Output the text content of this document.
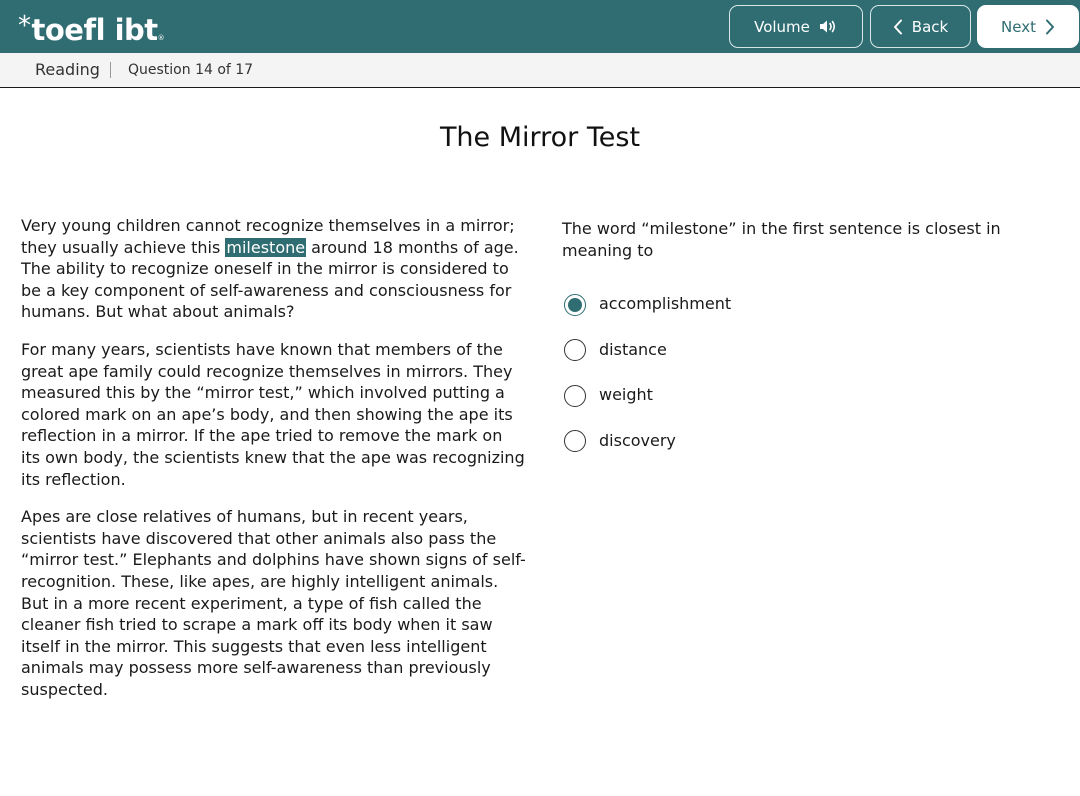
*toefl ibt®
Volume	Back	Next
Reading Question 14 of 17
The Mirror Test

Very young children cannot recognize themselves in a mirror; they usually achieve this milestone around 18 months of age. The ability to recognize oneself in the mirror is considered to be a key component of self-awareness and consciousness for humans. But what about animals?

For many years, scientists have known that members of the great ape family could recognize themselves in mirrors. They measured this by the “mirror test,” which involved putting a colored mark on an ape’s body, and then showing the ape its reflection in a mirror. If the ape tried to remove the mark on its own body, the scientists knew that the ape was recognizing its reflection.

Apes are close relatives of humans, but in recent years, scientists have discovered that other animals also pass the “mirror test.” Elephants and dolphins have shown signs of self-recognition. These, like apes, are highly intelligent animals. But in a more recent experiment, a type of fish called the cleaner fish tried to scrape a mark off its body when it saw itself in the mirror. This suggests that even less intelligent animals may possess more self-awareness than previously suspected.

The word “milestone” in the first sentence is closest in meaning to
accomplishment
distance
weight
discovery
